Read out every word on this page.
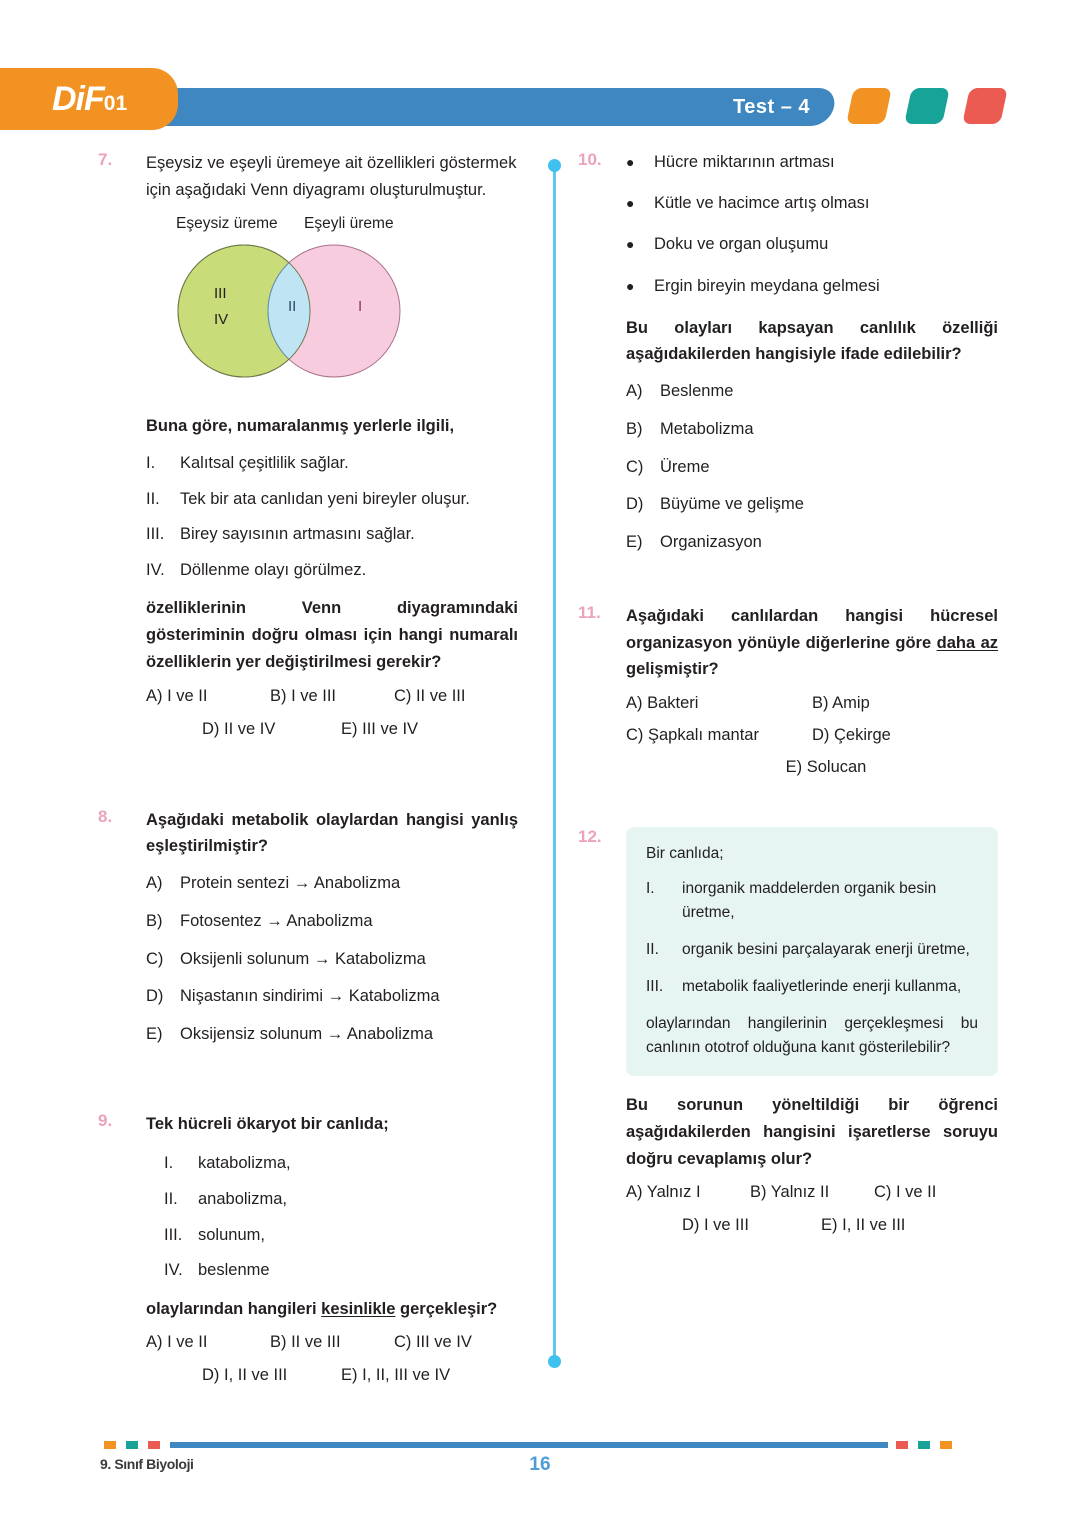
Test – 4
DiF01
7.	Eşeysiz ve eşeyli üremeye ait özellikleri göstermek için aşağıdaki Venn diyagramı oluşturulmuştur.
Eşeysiz üreme Eşeyli üreme
III
IV
II	I
Buna göre, numaralanmış yerlerle ilgili,
I.	Kalıtsal çeşitlilik sağlar.
II.	Tek bir ata canlıdan yeni bireyler oluşur.
III. Birey sayısının artmasını sağlar.
IV. Döllenme olayı görülmez.
özelliklerinin Venn diyagramındaki gösteriminin doğru olması için hangi numaralı özelliklerin yer değiştirilmesi gerekir?
A) I ve II	B) I ve III	C) II ve III
D) II ve IV	E) III ve IV
8.	Aşağıdaki metabolik olaylardan hangisi yanlış eşleştirilmiştir?
A)	Protein sentezi → Anabolizma
B)	Fotosentez → Anabolizma
C)	Oksijenli solunum → Katabolizma
D)	Nişastanın sindirimi → Katabolizma
E)	Oksijensiz solunum → Anabolizma
9.	Tek hücreli ökaryot bir canlıda;
I.	katabolizma,
II.	anabolizma,
III. solunum,
IV. beslenme
olaylarından hangileri kesinlikle gerçekleşir?
A) I ve II	B) II ve III	C) III ve IV
D) I, II ve III	E) I, II, III ve IV
10.	●	Hücre miktarının artması
●	Kütle ve hacimce artış olması
●	Doku ve organ oluşumu
●	Ergin bireyin meydana gelmesi
Bu olayları kapsayan canlılık özelliği aşağıdakilerden hangisiyle ifade edilebilir?
A)	Beslenme
B)	Metabolizma
C)	Üreme
D)	Büyüme ve gelişme
E)	Organizasyon
11.	Aşağıdaki canlılardan hangisi hücresel organizasyon yönüyle diğerlerine göre daha az gelişmiştir?
A) Bakteri	B) Amip
C) Şapkalı mantar	D) Çekirge
E) Solucan
12.
Bir canlıda;
I.	inorganik maddelerden organik besin üretme,
II.	organik besini parçalayarak enerji üretme,
III.	metabolik faaliyetlerinde enerji kullanma,
olaylarından hangilerinin gerçekleşmesi bu canlının ototrof olduğuna kanıt gösterilebilir?
Bu sorunun yöneltildiği bir öğrenci aşağıdakilerden hangisini işaretlerse soruyu doğru cevaplamış olur?
A) Yalnız I	B) Yalnız II	C) I ve II
D) I ve III	E) I, II ve III
9. Sınıf Biyoloji	16
